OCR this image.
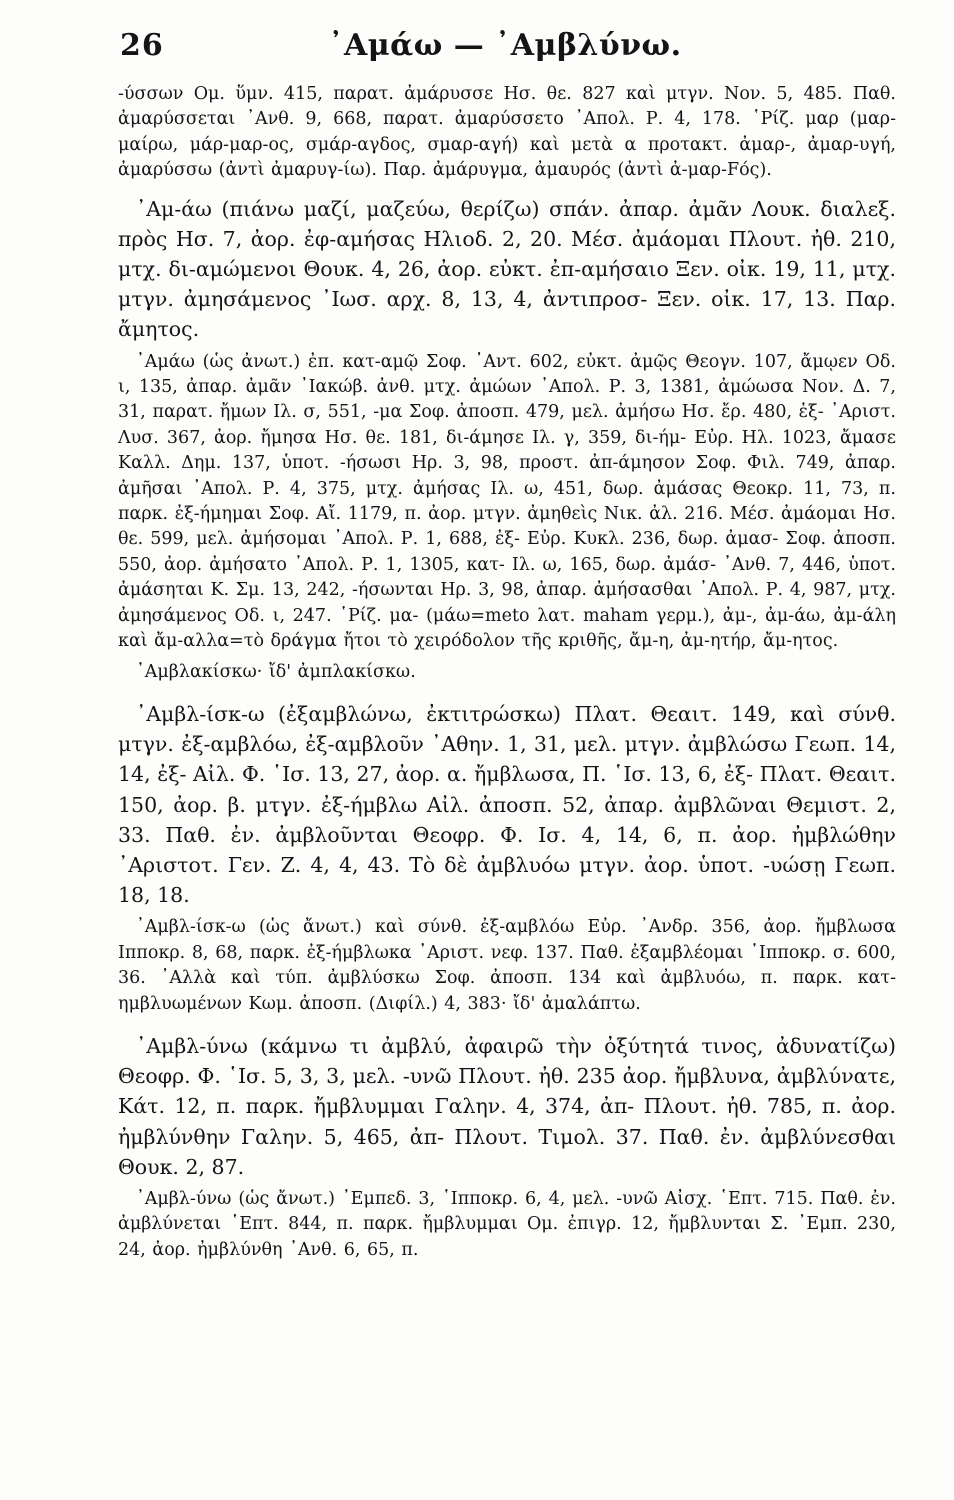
26	᾿Αμάω — ᾿Αμβλύνω.

-ύσσων Ομ. ὕμν. 415, παρατ. ἀμάρυσσε Ησ. θε. 827 καὶ μτγν. Νον. 5, 485. Παθ. ἀμαρύσσεται ᾿Ανθ. 9, 668, παρατ. ἀμαρύσσετο ᾿Απολ. Ρ. 4, 178. ῾Ρίζ. μαρ (μαρ-μαίρω, μάρ-μαρ-ος, σμάρ-αγδος, σμαρ-αγή) καὶ μετὰ α προτακτ. ἀμαρ-, ἀμαρ-υγή, ἀμαρύσσω (ἀντὶ ἀμαρυγ-ίω). Παρ. ἀμάρυγμα, ἀμαυρός (ἀντὶ ἀ-μαρ-Fός).

᾿Αμ-άω (πιάνω μαζί, μαζεύω, θερίζω) σπάν. ἀπαρ. ἀμᾶν Λουκ. διαλεξ. πρὸς Ησ. 7, ἀορ. ἐφ-αμήσας Ηλιοδ. 2, 20. Μέσ. ἀμάομαι Πλουτ. ἠθ. 210, μτχ. δι-αμώμενοι Θουκ. 4, 26, ἀορ. εὐκτ. ἐπ-αμήσαιο Ξεν. οἰκ. 19, 11, μτχ. μτγν. ἀμησάμενος ᾿Ιωσ. αρχ. 8, 13, 4, ἀντιπροσ- Ξεν. οἰκ. 17, 13. Παρ. ἄμητος.

᾿Αμάω (ὡς ἀνωτ.) ἐπ. κατ-αμῷ Σοφ. ᾿Αντ. 602, εὐκτ. ἀμῷς Θεογν. 107, ἄμῳεν Οδ. ι, 135, ἀπαρ. ἀμᾶν ᾿Ιακώβ. ἀνθ. μτχ. ἀμώων ᾿Απολ. Ρ. 3, 1381, ἀμώωσα Νον. Δ. 7, 31, παρατ. ἤμων Ιλ. σ, 551, -μα Σοφ. ἀποσπ. 479, μελ. ἀμήσω Ησ. ἔρ. 480, ἐξ- ᾿Αριστ. Λυσ. 367, ἀορ. ἤμησα Ησ. θε. 181, δι-άμησε Ιλ. γ, 359, δι-ήμ- Εὐρ. Ηλ. 1023, ἄμασε Καλλ. Δημ. 137, ὑποτ. -ήσωσι Ηρ. 3, 98, προστ. ἀπ-άμησον Σοφ. Φιλ. 749, ἀπαρ. ἀμῆσαι ᾿Απολ. Ρ. 4, 375, μτχ. ἀμήσας Ιλ. ω, 451, δωρ. ἀμάσας Θεοκρ. 11, 73, π. παρκ. ἐξ-ήμημαι Σοφ. Αἴ. 1179, π. ἀορ. μτγν. ἀμηθεὶς Νικ. ἀλ. 216. Μέσ. ἀμάομαι Ησ. θε. 599, μελ. ἀμήσομαι ᾿Απολ. Ρ. 1, 688, ἐξ- Εὐρ. Κυκλ. 236, δωρ. ἀμασ- Σοφ. ἀποσπ. 550, ἀορ. ἀμήσατο ᾿Απολ. Ρ. 1, 1305, κατ- Ιλ. ω, 165, δωρ. ἀμάσ- ᾿Ανθ. 7, 446, ὑποτ. ἀμάσηται Κ. Σμ. 13, 242, -ήσωνται Ηρ. 3, 98, ἀπαρ. ἀμήσασθαι ᾿Απολ. Ρ. 4, 987, μτχ. ἀμησάμενος Οδ. ι, 247. ῾Ρίζ. μα- (μάω=meto λατ. maham γερμ.), ἀμ-, ἀμ-άω, ἀμ-άλη καὶ ἄμ-αλλα=τὸ δράγμα ἤτοι τὸ χειρόδολον τῆς κριθῆς, ἄμ-η, ἀμ-ητήρ, ἄμ-ητος.

᾿Αμβλακίσκω· ἴδ' ἀμπλακίσκω.

᾿Αμβλ-ίσκ-ω (ἐξαμβλώνω, ἐκτιτρώσκω) Πλατ. Θεαιτ. 149, καὶ σύνθ. μτγν. ἐξ-αμβλόω, ἐξ-αμβλοῦν ᾿Αθην. 1, 31, μελ. μτγν. ἀμβλώσω Γεωπ. 14, 14, ἐξ- Αἰλ. Φ. ῾Ισ. 13, 27, ἀορ. α. ἤμβλωσα, Π. ῾Ισ. 13, 6, ἐξ- Πλατ. Θεαιτ. 150, ἀορ. β. μτγν. ἐξ-ήμβλω Αἰλ. ἀποσπ. 52, ἀπαρ. ἀμβλῶναι Θεμιστ. 2, 33. Παθ. ἐν. ἀμβλοῦνται Θεοφρ. Φ. Ισ. 4, 14, 6, π. ἀορ. ἠμβλώθην ᾿Αριστοτ. Γεν. Ζ. 4, 4, 43. Τὸ δὲ ἀμβλυόω μτγν. ἀορ. ὑποτ. -υώσῃ Γεωπ. 18, 18.

᾿Αμβλ-ίσκ-ω (ὡς ἄνωτ.) καὶ σύνθ. ἐξ-αμβλόω Εὐρ. ᾿Ανδρ. 356, ἀορ. ἤμβλωσα Ιπποκρ. 8, 68, παρκ. ἐξ-ήμβλωκα ᾿Αριστ. νεφ. 137. Παθ. ἐξαμβλέομαι ῾Ιπποκρ. σ. 600, 36. ᾿Αλλὰ καὶ τύπ. ἀμβλύσκω Σοφ. ἀποσπ. 134 καὶ ἀμβλυόω, π. παρκ. κατ-ημβλυωμένων Κωμ. ἀποσπ. (Διφίλ.) 4, 383· ἴδ' ἀμαλάπτω.

᾿Αμβλ-ύνω (κάμνω τι ἀμβλύ, ἀφαιρῶ τὴν ὀξύτητά τινος, ἀδυνατίζω) Θεοφρ. Φ. ῾Ισ. 5, 3, 3, μελ. -υνῶ Πλουτ. ἠθ. 235 ἀορ. ἤμβλυνα, ἀμβλύνατε, Κάτ. 12, π. παρκ. ἤμβλυμμαι Γαλην. 4, 374, ἀπ- Πλουτ. ἠθ. 785, π. ἀορ. ἠμβλύνθην Γαλην. 5, 465, ἀπ- Πλουτ. Τιμολ. 37. Παθ. ἐν. ἀμβλύνεσθαι Θουκ. 2, 87.

᾿Αμβλ-ύνω (ὡς ἄνωτ.) ᾿Εμπεδ. 3, ῾Ιπποκρ. 6, 4, μελ. -υνῶ Αἰσχ. ῾Επτ. 715. Παθ. ἐν. ἀμβλύνεται ῾Επτ. 844, π. παρκ. ἤμβλυμμαι Ομ. ἐπιγρ. 12, ἤμβλυνται Σ. ᾿Εμπ. 230, 24, ἀορ. ἠμβλύνθη ᾿Ανθ. 6, 65, π.
